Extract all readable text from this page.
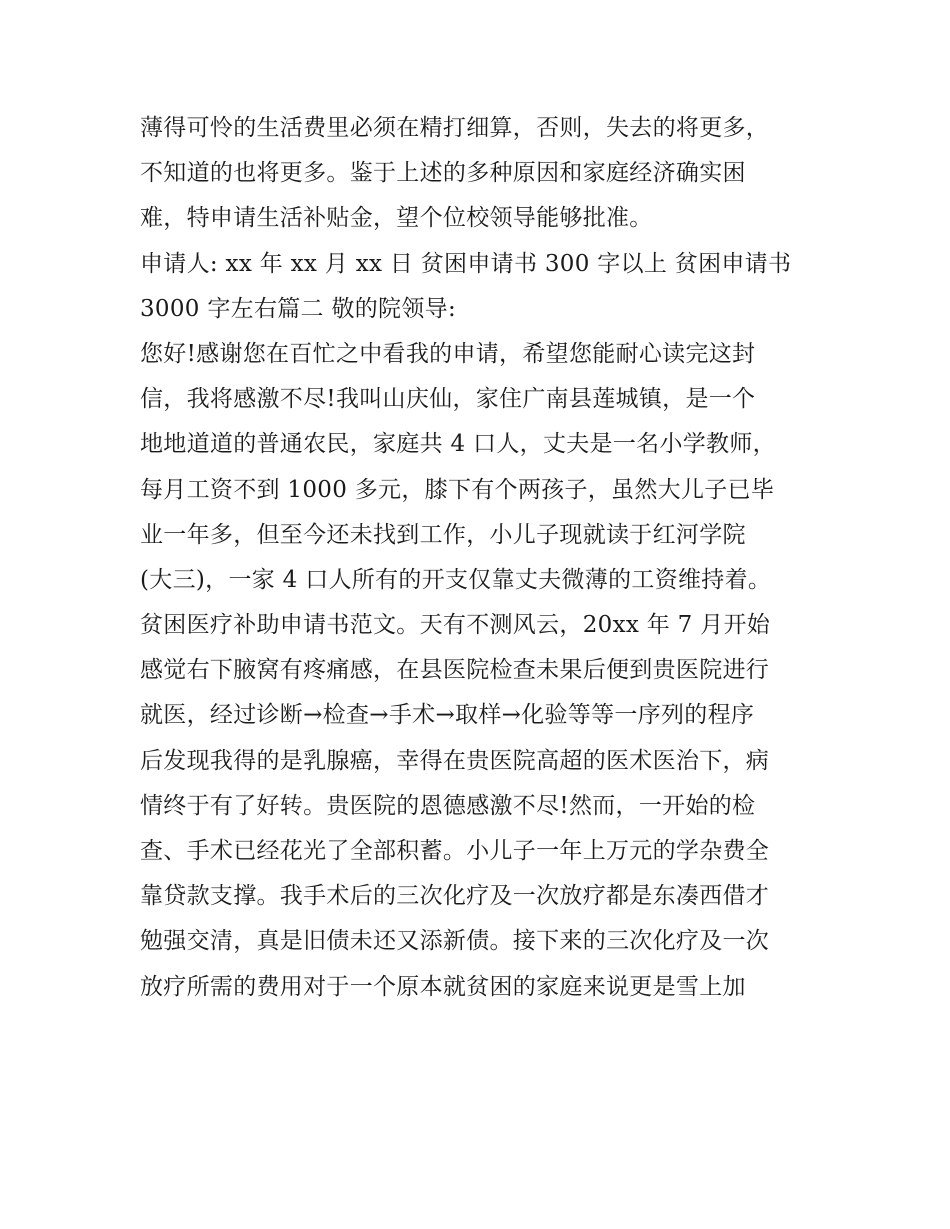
薄得可怜的生活费里必须在精打细算，否则，失去的将更多，
不知道的也将更多。鉴于上述的多种原因和家庭经济确实困
难，特申请生活补贴金，望个位校领导能够批准。
申请人: xx 年 xx 月 xx 日 贫困申请书 300 字以上 贫困申请书
3000 字左右篇二 敬的院领导:
您好!感谢您在百忙之中看我的申请，希望您能耐心读完这封
信，我将感激不尽!我叫山庆仙，家住广南县莲城镇，是一个
地地道道的普通农民，家庭共 4 口人，丈夫是一名小学教师，
每月工资不到 1000 多元，膝下有个两孩子，虽然大儿子已毕
业一年多，但至今还未找到工作，小儿子现就读于红河学院
(大三)，一家 4 口人所有的开支仅靠丈夫微薄的工资维持着。
贫困医疗补助申请书范文。天有不测风云，20xx 年 7 月开始
感觉右下腋窝有疼痛感，在县医院检查未果后便到贵医院进行
就医，经过诊断→检查→手术→取样→化验等等一序列的程序
后发现我得的是乳腺癌，幸得在贵医院高超的医术医治下，病
情终于有了好转。贵医院的恩德感激不尽!然而，一开始的检
查、手术已经花光了全部积蓄。小儿子一年上万元的学杂费全
靠贷款支撑。我手术后的三次化疗及一次放疗都是东凑西借才
勉强交清，真是旧债未还又添新债。接下来的三次化疗及一次
放疗所需的费用对于一个原本就贫困的家庭来说更是雪上加
